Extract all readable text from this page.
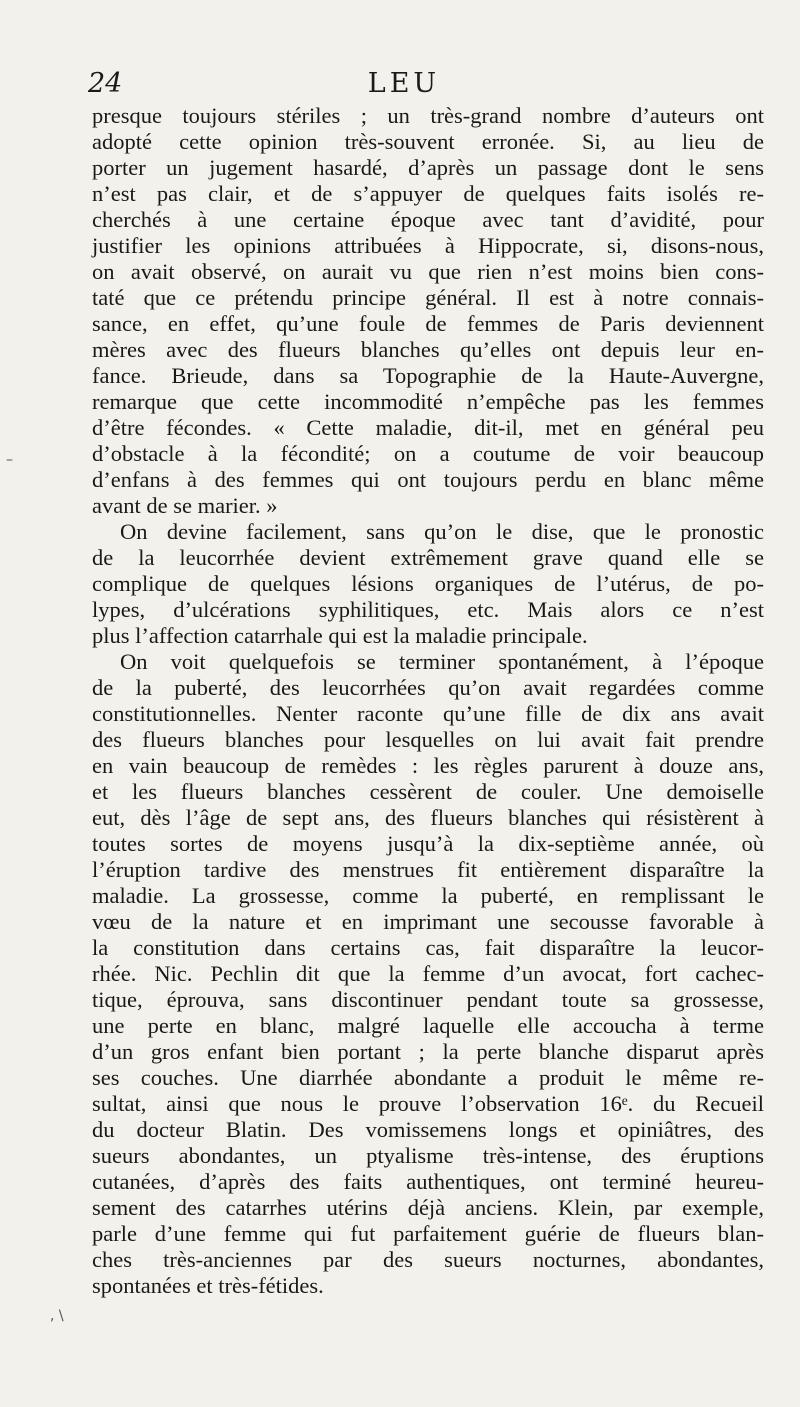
24	LEU
presque toujours stériles ; un très-grand nombre d’auteurs ont
adopté cette opinion très-souvent erronée. Si, au lieu de
porter un jugement hasardé, d’après un passage dont le sens
n’est pas clair, et de s’appuyer de quelques faits isolés re-
cherchés à une certaine époque avec tant d’avidité, pour
justifier les opinions attribuées à Hippocrate, si, disons-nous,
on avait observé, on aurait vu que rien n’est moins bien cons-
taté que ce prétendu principe général. Il est à notre connais-
sance, en effet, qu’une foule de femmes de Paris deviennent
mères avec des flueurs blanches qu’elles ont depuis leur en-
fance. Brieude, dans sa Topographie de la Haute-Auvergne,
remarque que cette incommodité n’empêche pas les femmes
d’être fécondes. « Cette maladie, dit-il, met en général peu
d’obstacle à la fécondité; on a coutume de voir beaucoup
d’enfans à des femmes qui ont toujours perdu en blanc même
avant de se marier. »
On devine facilement, sans qu’on le dise, que le pronostic
de la leucorrhée devient extrêmement grave quand elle se
complique de quelques lésions organiques de l’utérus, de po-
lypes, d’ulcérations syphilitiques, etc. Mais alors ce n’est
plus l’affection catarrhale qui est la maladie principale.
On voit quelquefois se terminer spontanément, à l’époque
de la puberté, des leucorrhées qu’on avait regardées comme
constitutionnelles. Nenter raconte qu’une fille de dix ans avait
des flueurs blanches pour lesquelles on lui avait fait prendre
en vain beaucoup de remèdes : les règles parurent à douze ans,
et les flueurs blanches cessèrent de couler. Une demoiselle
eut, dès l’âge de sept ans, des flueurs blanches qui résistèrent à
toutes sortes de moyens jusqu’à la dix-septième année, où
l’éruption tardive des menstrues fit entièrement disparaître la
maladie. La grossesse, comme la puberté, en remplissant le
vœu de la nature et en imprimant une secousse favorable à
la constitution dans certains cas, fait disparaître la leucor-
rhée. Nic. Pechlin dit que la femme d’un avocat, fort cachec-
tique, éprouva, sans discontinuer pendant toute sa grossesse,
une perte en blanc, malgré laquelle elle accoucha à terme
d’un gros enfant bien portant ; la perte blanche disparut après
ses couches. Une diarrhée abondante a produit le même re-
sultat, ainsi que nous le prouve l’observation 16ᵉ. du Recueil
du docteur Blatin. Des vomissemens longs et opiniâtres, des
sueurs abondantes, un ptyalisme très-intense, des éruptions
cutanées, d’après des faits authentiques, ont terminé heureu-
sement des catarrhes utérins déjà anciens. Klein, par exemple,
parle d’une femme qui fut parfaitement guérie de flueurs blan-
ches très-anciennes par des sueurs nocturnes, abondantes,
spontanées et très-fétides.
–
, \
